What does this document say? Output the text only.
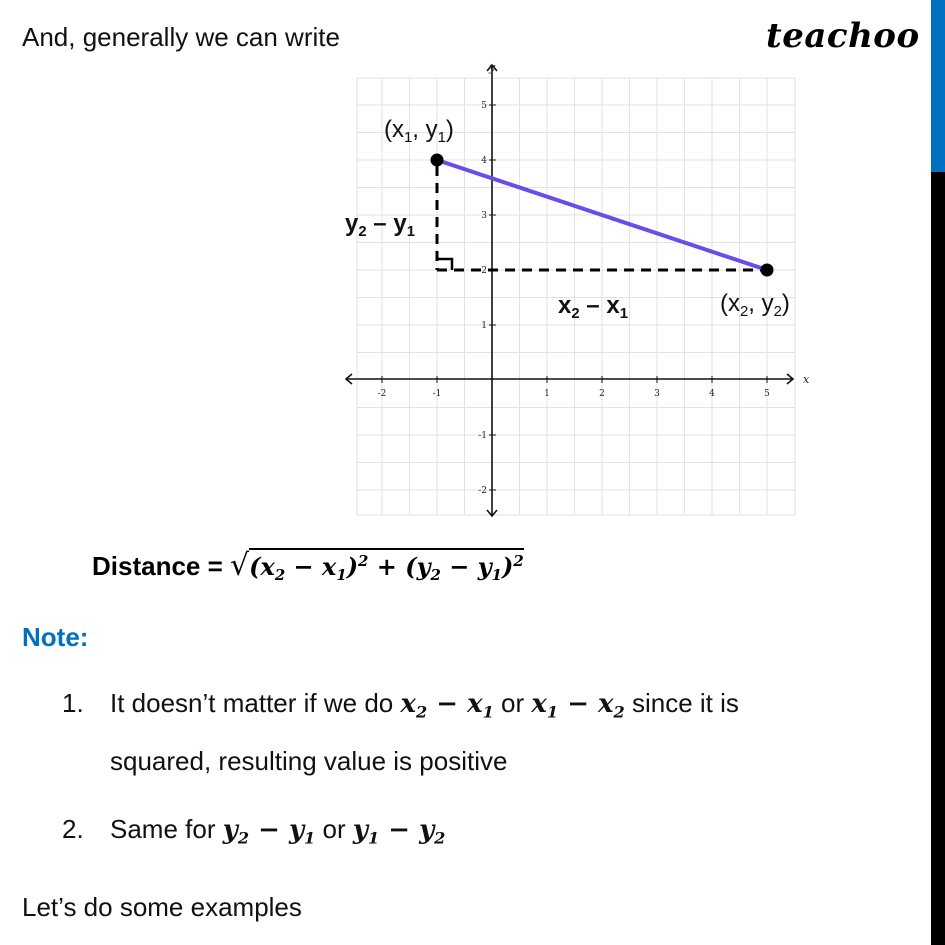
And, generally we can write	teachoo
-2	-1	1	2	3	4	5
5
4
3
2
1
-1
-2
x
y
($x_1$, $y_1$)
($x_2$, $y_2$)
$y_2 - y_1$
$x_2 - x_1$
Distance = $√(x_2 - x_1)^2 + (y_2 - y_1)^2$
Note:
1. It doesn’t matter if we do $x_2 - x_1$ or $x_1 - x_2$ since it is
squared, resulting value is positive
2. Same for $y_2 - y_1$ or $y_1 - y_2$
Let’s do some examples
